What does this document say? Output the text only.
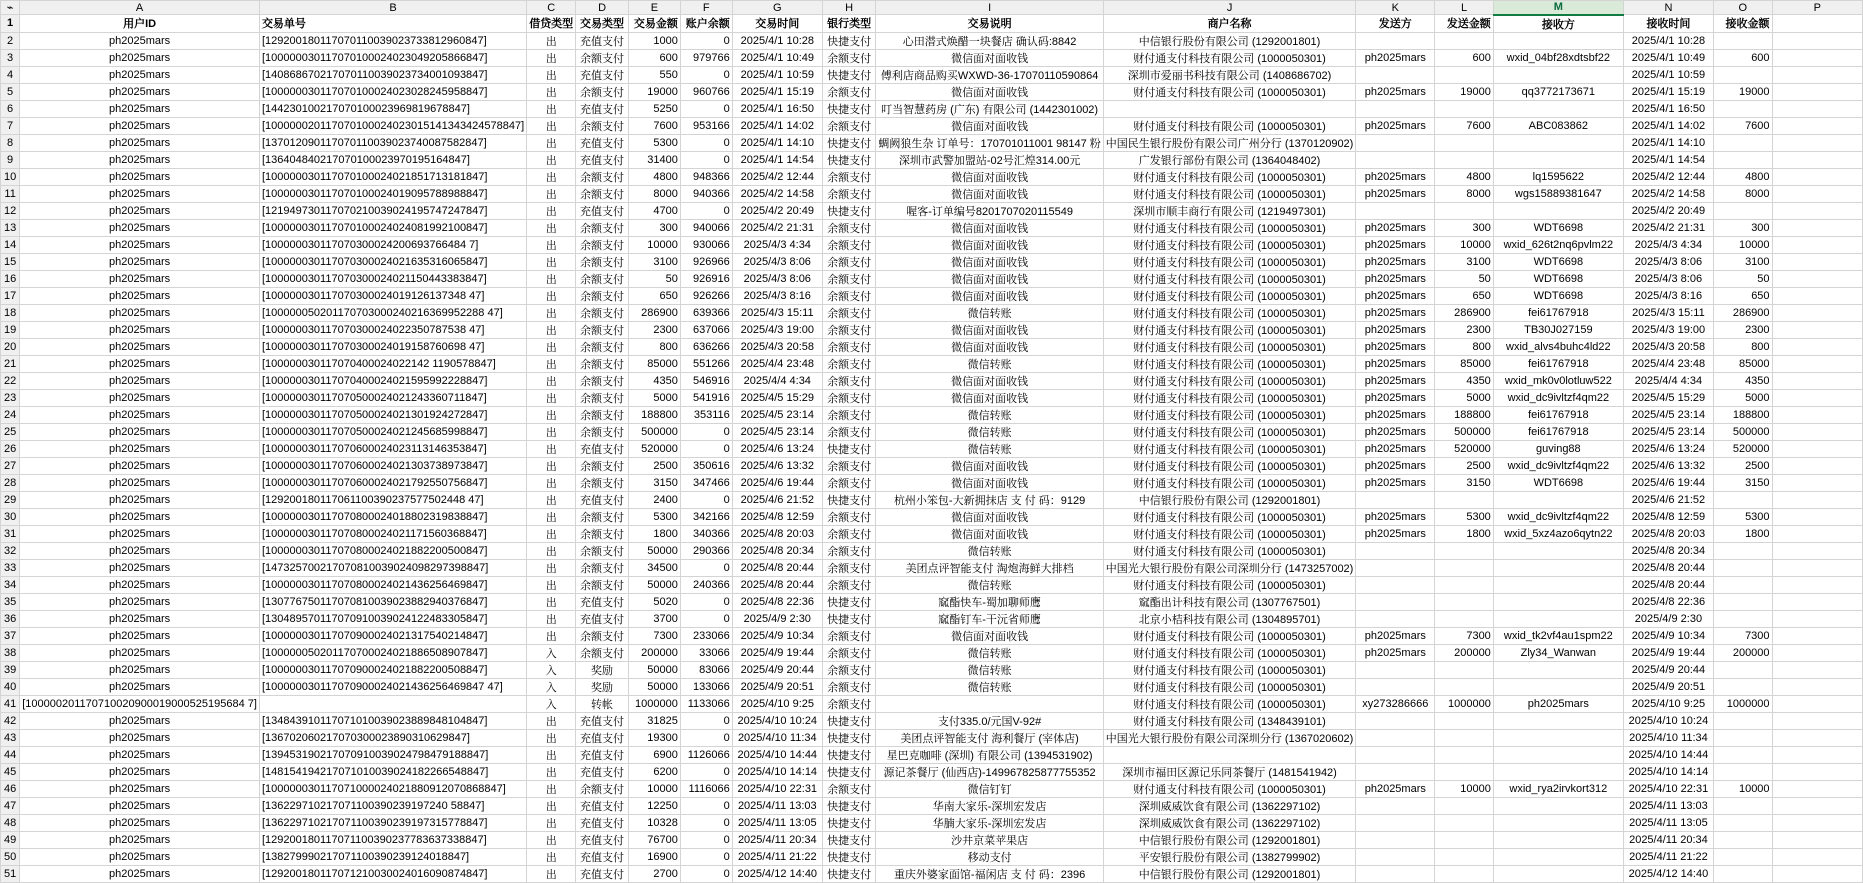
⌁	A	B	C	D	E	F	G	H	I	J	K	L	M	N	O	P
1	用户ID	交易单号	借贷类型	交易类型	交易金额	账户余额	交易时间	银行类型	交易说明	商户名称	发送方	发送金额	接收方	接收时间	接收金额	
2	ph2025mars	[129200180117070110039023733812960847]	出	充值支付	1000	0	2025/4/1 10:28	快捷支付	心田潜式焕醋一块餐店 确认码:8842	中信银行股份有限公司 (1292001801)				2025/4/1 10:28		
3	ph2025mars	[100000030117070100024023049205866847]	出	余额支付	600	979766	2025/4/1 10:49	余额支付	微信面对面收钱	财付通支付科技有限公司 (1000050301)	ph2025mars	600	wxid_04bf28xdtsbf22	2025/4/1 10:49	600	
4	ph2025mars	[140868670217070110039023734001093847]	出	充值支付	550	0	2025/4/1 10:59	快捷支付	傅利店商品购买WXWD-36-17070110590864	深圳市爱丽书科技有限公司 (1408686702)				2025/4/1 10:59		
5	ph2025mars	[100000030117070100024023028245958847]	出	余额支付	19000	960766	2025/4/1 15:19	余额支付	微信面对面收钱	财付通支付科技有限公司 (1000050301)	ph2025mars	19000	qq3772173671	2025/4/1 15:19	19000	
6	ph2025mars	[144230100217070100023969819678847]	出	充值支付	5250	0	2025/4/1 16:50	快捷支付	叮当智慧药房 (广东) 有限公司 (1442301002)					2025/4/1 16:50		
7	ph2025mars	[100000020117070100024023015141343424578847]	出	余额支付	7600	953166	2025/4/1 14:02	余额支付	微信面对面收钱	财付通支付科技有限公司 (1000050301)	ph2025mars	7600	ABC083862	2025/4/1 14:02	7600	
8	ph2025mars	[137012090117070110039023740087582847]	出	充值支付	5300	0	2025/4/1 14:10	快捷支付	蜩阙狼生杂 订单号：170701011001 98147 粉	中国民生银行股份有限公司广州分行 (1370120902)				2025/4/1 14:10		
9	ph2025mars	[136404840217070100023970195164847]	出	充值支付	31400	0	2025/4/1 14:54	快捷支付	深圳市武警加盟站-02号汇煌314.00元	广发银行部份有限公司 (1364048402)				2025/4/1 14:54		
10	ph2025mars	[100000030117070100024021851713181847]	出	余额支付	4800	948366	2025/4/2 12:44	余额支付	微信面对面收钱	财付通支付科技有限公司 (1000050301)	ph2025mars	4800	lq1595622	2025/4/2 12:44	4800	
11	ph2025mars	[100000030117070100024019095788988847]	出	余额支付	8000	940366	2025/4/2 14:58	余额支付	微信面对面收钱	财付通支付科技有限公司 (1000050301)	ph2025mars	8000	wgs15889381647	2025/4/2 14:58	8000	
12	ph2025mars	[121949730117070210039024195747247847]	出	充值支付	4700	0	2025/4/2 20:49	快捷支付	喔客-订单编号8201707020115549	深圳市顺丰商行有限公司 (1219497301)				2025/4/2 20:49		
13	ph2025mars	[100000030117070100024024081992100847]	出	余额支付	300	940066	2025/4/2 21:31	余额支付	微信面对面收钱	财付通支付科技有限公司 (1000050301)	ph2025mars	300	WDT6698	2025/4/2 21:31	300	
14	ph2025mars	[100000030117070300024200693766484 7]	出	余额支付	10000	930066	2025/4/3 4:34	余额支付	微信面对面收钱	财付通支付科技有限公司 (1000050301)	ph2025mars	10000	wxid_626t2nq6pvlm22	2025/4/3 4:34	10000	
15	ph2025mars	[100000030117070300024021635316065847]	出	余额支付	3100	926966	2025/4/3 8:06	余额支付	微信面对面收钱	财付通支付科技有限公司 (1000050301)	ph2025mars	3100	WDT6698	2025/4/3 8:06	3100	
16	ph2025mars	[100000030117070300024021150443383847]	出	余额支付	50	926916	2025/4/3 8:06	余额支付	微信面对面收钱	财付通支付科技有限公司 (1000050301)	ph2025mars	50	WDT6698	2025/4/3 8:06	50	
17	ph2025mars	[100000030117070300024019126137348 47]	出	余额支付	650	926266	2025/4/3 8:16	余额支付	微信面对面收钱	财付通支付科技有限公司 (1000050301)	ph2025mars	650	WDT6698	2025/4/3 8:16	650	
18	ph2025mars	[100000050201170703000240216369952288 47]	出	余额支付	286900	639366	2025/4/3 15:11	余额支付	微信转账	财付通支付科技有限公司 (1000050301)	ph2025mars	286900	fei61767918	2025/4/3 15:11	286900	
19	ph2025mars	[100000030117070300024022350787538 47]	出	余额支付	2300	637066	2025/4/3 19:00	余额支付	微信面对面收钱	财付通支付科技有限公司 (1000050301)	ph2025mars	2300	TB30J027159	2025/4/3 19:00	2300	
20	ph2025mars	[100000030117070300024019158760698 47]	出	余额支付	800	636266	2025/4/3 20:58	余额支付	微信面对面收钱	财付通支付科技有限公司 (1000050301)	ph2025mars	800	wxid_alvs4buhc4ld22	2025/4/3 20:58	800	
21	ph2025mars	[100000030117070400024022142 1190578847]	出	余额支付	85000	551266	2025/4/4 23:48	余额支付	微信转账	财付通支付科技有限公司 (1000050301)	ph2025mars	85000	fei61767918	2025/4/4 23:48	85000	
22	ph2025mars	[100000030117070400024021595992228847]	出	余额支付	4350	546916	2025/4/4 4:34	余额支付	微信面对面收钱	财付通支付科技有限公司 (1000050301)	ph2025mars	4350	wxid_mk0v0lotluw522	2025/4/4 4:34	4350	
23	ph2025mars	[100000030117070500024021243360711847]	出	余额支付	5000	541916	2025/4/5 15:29	余额支付	微信面对面收钱	财付通支付科技有限公司 (1000050301)	ph2025mars	5000	wxid_dc9ivltzf4qm22	2025/4/5 15:29	5000	
24	ph2025mars	[100000030117070500024021301924272847]	出	余额支付	188800	353116	2025/4/5 23:14	余额支付	微信转账	财付通支付科技有限公司 (1000050301)	ph2025mars	188800	fei61767918	2025/4/5 23:14	188800	
25	ph2025mars	[100000030117070500024021245685998847]	出	余额支付	500000	0	2025/4/5 23:14	余额支付	微信转账	财付通支付科技有限公司 (1000050301)	ph2025mars	500000	fei61767918	2025/4/5 23:14	500000	
26	ph2025mars	[100000030117070600024023113146353847]	出	充值支付	520000	0	2025/4/6 13:24	快捷支付	微信转账	财付通支付科技有限公司 (1000050301)	ph2025mars	520000	guving88	2025/4/6 13:24	520000	
27	ph2025mars	[100000030117070600024021303738973847]	出	余额支付	2500	350616	2025/4/6 13:32	余额支付	微信面对面收钱	财付通支付科技有限公司 (1000050301)	ph2025mars	2500	wxid_dc9ivltzf4qm22	2025/4/6 13:32	2500	
28	ph2025mars	[100000030117070600024021792550756847]	出	余额支付	3150	347466	2025/4/6 19:44	余额支付	微信面对面收钱	财付通支付科技有限公司 (1000050301)	ph2025mars	3150	WDT6698	2025/4/6 19:44	3150	
29	ph2025mars	[129200180117061100390237577502448 47]	出	充值支付	2400	0	2025/4/6 21:52	快捷支付	杭州小笨包-大新拥抹店 支 付 码：9129	中信银行股份有限公司 (1292001801)				2025/4/6 21:52		
30	ph2025mars	[100000030117070800024018802319838847]	出	余额支付	5300	342166	2025/4/8 12:59	余额支付	微信面对面收钱	财付通支付科技有限公司 (1000050301)	ph2025mars	5300	wxid_dc9ivltzf4qm22	2025/4/8 12:59	5300	
31	ph2025mars	[100000030117070800024021171560368847]	出	余额支付	1800	340366	2025/4/8 20:03	余额支付	微信面对面收钱	财付通支付科技有限公司 (1000050301)	ph2025mars	1800	wxid_5xz4azo6qytn22	2025/4/8 20:03	1800	
32	ph2025mars	[100000030117070800024021882200500847]	出	余额支付	50000	290366	2025/4/8 20:34	余额支付	微信转账	财付通支付科技有限公司 (1000050301)				2025/4/8 20:34		
33	ph2025mars	[147325700217070810039024098297398847]	出	余额支付	34500	0	2025/4/8 20:44	余额支付	美团点评智能支付 淘炮海鲜大排档	中国光大银行股份有限公司深圳分行 (1473257002)				2025/4/8 20:44		
34	ph2025mars	[100000030117070800024021436256469847]	出	余额支付	50000	240366	2025/4/8 20:44	余额支付	微信转账	财付通支付科技有限公司 (1000050301)				2025/4/8 20:44		
35	ph2025mars	[130776750117070810039023882940376847]	出	充值支付	5020	0	2025/4/8 22:36	快捷支付	窳酯快车-蜀加聊师鹰	窳酯出计科技有限公司 (1307767501)				2025/4/8 22:36		
36	ph2025mars	[130489570117070910039024122483305847]	出	充值支付	3700	0	2025/4/9 2:30	快捷支付	窳酯钉车-干沅省师鹰	北京小桔科技有限公司 (1304895701)				2025/4/9 2:30		
37	ph2025mars	[100000030117070900024021317540214847]	出	余额支付	7300	233066	2025/4/9 10:34	余额支付	微信面对面收钱	财付通支付科技有限公司 (1000050301)	ph2025mars	7300	wxid_tk2vf4au1spm22	2025/4/9 10:34	7300	
38	ph2025mars	[100000050201170700024021886508907847]	入	余额支付	200000	33066	2025/4/9 19:44	余额支付	微信转账	财付通支付科技有限公司 (1000050301)	ph2025mars	200000	Zly34_Wanwan	2025/4/9 19:44	200000	
39	ph2025mars	[100000030117070900024021882200508847]	入	奖励	50000	83066	2025/4/9 20:44	余额支付	微信转账	财付通支付科技有限公司 (1000050301)				2025/4/9 20:44		
40	ph2025mars	[100000030117070900024021436256469847 47]	入	奖励	50000	133066	2025/4/9 20:51	余额支付	微信转账	财付通支付科技有限公司 (1000050301)				2025/4/9 20:51		
41	[100000201170710020900019000525195684 7]		入	转帐	1000000	1133066	2025/4/10 9:25	余额支付		财付通支付科技有限公司 (1000050301)	xy273286666	1000000	ph2025mars	2025/4/10 9:25	1000000	
42	ph2025mars	[134843910117071010039023889848104847]	出	充值支付	31825	0	2025/4/10 10:24	快捷支付	支付335.0/元国V-92#	财付通支付科技有限公司 (1348439101)				2025/4/10 10:24		
43	ph2025mars	[136702060217070300023890310629847]	出	充值支付	19300	0	2025/4/10 11:34	快捷支付	美团点评智能支付 海利餐厅 (宰体店)	中国光大银行股份有限公司深圳分行 (1367020602)				2025/4/10 11:34		
44	ph2025mars	[139453190217070910039024798479188847]	出	充值支付	6900	1126066	2025/4/10 14:44	快捷支付	星巴克咖啡 (深圳) 有限公司 (1394531902)					2025/4/10 14:44		
45	ph2025mars	[148154194217071010039024182266548847]	出	充值支付	6200	0	2025/4/10 14:14	快捷支付	源记茶餐厅 (仙西店)-149967825877755352	深圳市福田区源记乐同茶餐厅 (1481541942)				2025/4/10 14:14		
46	ph2025mars	[100000030117071000024021880912070868847]	出	余额支付	10000	1116066	2025/4/10 22:31	余额支付	微信钉钉	财付通支付科技有限公司 (1000050301)	ph2025mars	10000	wxid_rya2irvkort312	2025/4/10 22:31	10000	
47	ph2025mars	[136229710217071100390239197240 58847]	出	充值支付	12250	0	2025/4/11 13:03	快捷支付	华南大家乐-深圳宏发店	深圳威威饮食有限公司 (1362297102)				2025/4/11 13:03		
48	ph2025mars	[136229710217071100390239197315778847]	出	充值支付	10328	0	2025/4/11 13:05	快捷支付	华腩大家乐-深圳宏发店	深圳威威饮食有限公司 (1362297102)				2025/4/11 13:05		
49	ph2025mars	[129200180117071100390237783637338847]	出	充值支付	76700	0	2025/4/11 20:34	快捷支付	沙井京菜苹果店	中信银行股份有限公司 (1292001801)				2025/4/11 20:34		
50	ph2025mars	[138279990217071100390239124018847]	出	充值支付	16900	0	2025/4/11 21:22	快捷支付	移动支付	平安银行股份有限公司 (1382799902)				2025/4/11 21:22		
51	ph2025mars	[129200180117071210030024016090874847]	出	充值支付	2700	0	2025/4/12 14:40	快捷支付	重庆外婆家面馆-福闲店 支 付 码：2396	中信银行股份有限公司 (1292001801)				2025/4/12 14:40		
